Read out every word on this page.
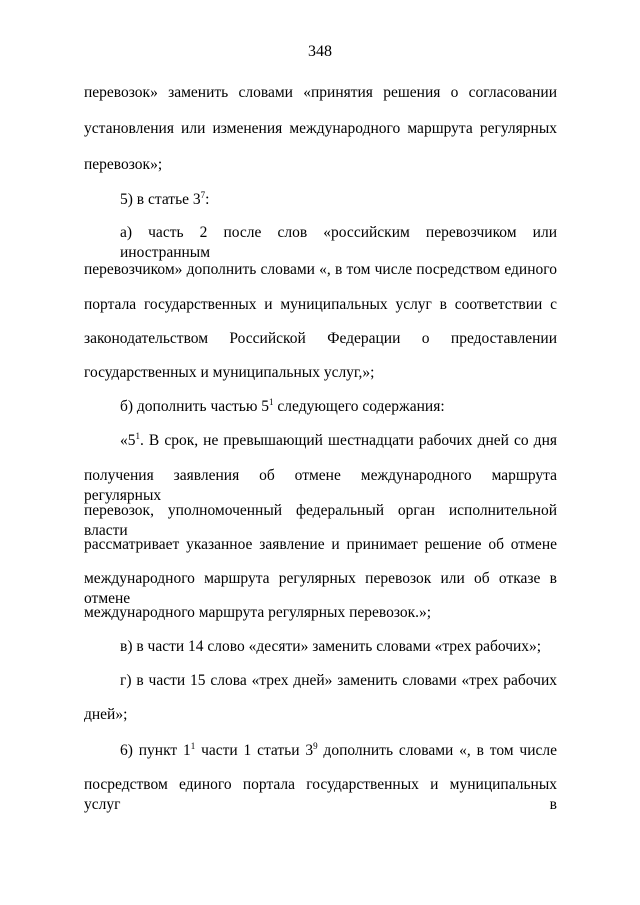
348
перевозок» заменить словами «принятия решения о согласовании
установления или изменения международного маршрута регулярных
перевозок»;
5) в статье $3^7$:
а) часть 2 после слов «российским перевозчиком или иностранным
перевозчиком» дополнить словами «, в том числе посредством единого
портала государственных и муниципальных услуг в соответствии с
законодательством Российской Федерации о предоставлении
государственных и муниципальных услуг,»;
б) дополнить частью $5^1$ следующего содержания:
«$5^1$. В срок, не превышающий шестнадцати рабочих дней со дня
получения заявления об отмене международного маршрута регулярных
перевозок, уполномоченный федеральный орган исполнительной власти
рассматривает указанное заявление и принимает решение об отмене
международного маршрута регулярных перевозок или об отказе в отмене
международного маршрута регулярных перевозок.»;
в) в части 14 слово «десяти» заменить словами «трех рабочих»;
г) в части 15 слова «трех дней» заменить словами «трех рабочих
дней»;
6) пункт $1^1$ части 1 статьи $3^9$ дополнить словами «, в том числе
посредством единого портала государственных и муниципальных услуг в
